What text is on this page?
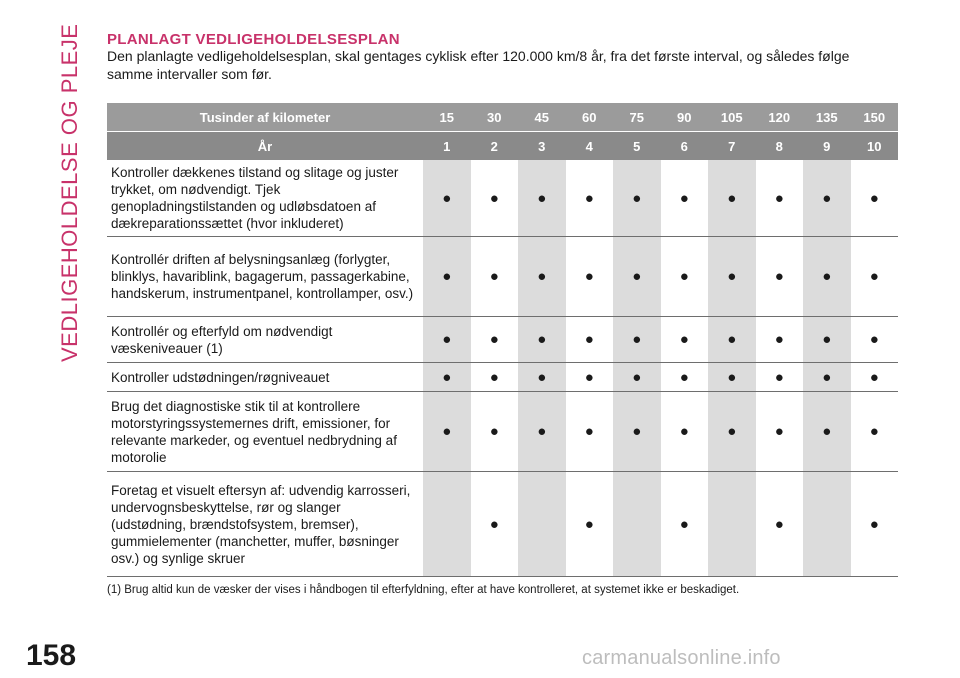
VEDLIGEHOLDELSE OG PLEJE	PLANLAGT VEDLIGEHOLDELSESPLAN
Den planlagte vedligeholdelsesplan, skal gentages cyklisk efter 120.000 km/8 år, fra det første interval, og således følge samme intervaller som før.
Tusinder af kilometer	15	30	45	60	75	90	105	120	135	150
År	1	2	3	4	5	6	7	8	9	10
Kontroller dækkenes tilstand og slitage og juster trykket, om nødvendigt. Tjek genopladningstilstanden og udløbsdatoen af dækreparationssættet (hvor inkluderet)	●	●	●	●	●	●	●	●	●	●
Kontrollér driften af belysningsanlæg (forlygter, blinklys, havariblink, bagagerum, passagerkabine, handskerum, instrumentpanel, kontrollamper, osv.)	●	●	●	●	●	●	●	●	●	●
Kontrollér og efterfyld om nødvendigt væskeniveauer (1)	●	●	●	●	●	●	●	●	●	●
Kontroller udstødningen/røgniveauet	●	●	●	●	●	●	●	●	●	●
Brug det diagnostiske stik til at kontrollere motorstyringssystemernes drift, emissioner, for relevante markeder, og eventuel nedbrydning af motorolie	●	●	●	●	●	●	●	●	●	●
Foretag et visuelt eftersyn af: udvendig karrosseri, undervognsbeskyttelse, rør og slanger (udstødning, brændstofsystem, bremser), gummielementer (manchetter, muffer, bøsninger osv.) og synlige skruer		●		●		●		●		●
(1) Brug altid kun de væsker der vises i håndbogen til efterfyldning, efter at have kontrolleret, at systemet ikke er beskadiget.
158	carmanualsonline.info
